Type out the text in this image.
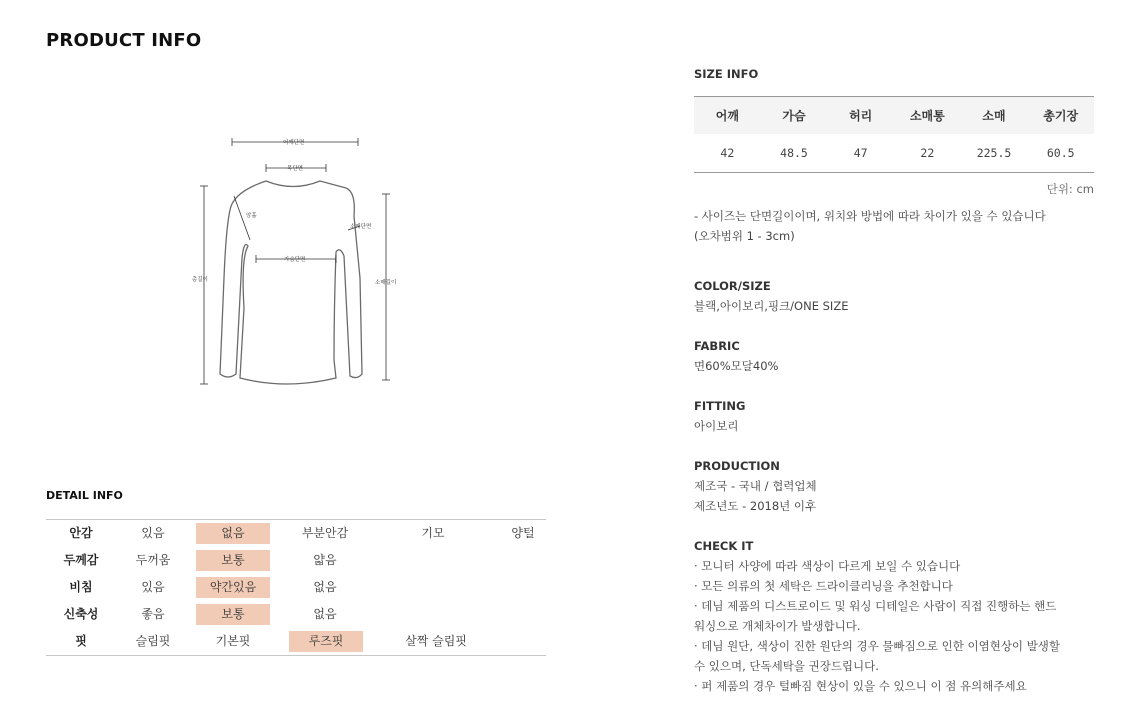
PRODUCT INFO
어깨단면
목단면
암홀
소매단면
가슴단면
총길이	소매길이
DETAIL INFO
안감	있음	없음	부분안감	기모	양털
두께감	두꺼움	보통	얇음
비침	있음	약간있음	없음
신축성	좋음	보통	없음
핏	슬림핏	기본핏	루즈핏	살짝 슬림핏
SIZE INFO
어깨	가슴	허리	소매통	소매	총기장
42	48.5	47	22	225.5	60.5
단위: cm
- 사이즈는 단면길이이며, 위치와 방법에 따라 차이가 있을 수 있습니다
(오차범위 1 - 3cm)
COLOR/SIZE
블랙,아이보리,핑크/ONE SIZE
FABRIC
면60%모달40%
FITTING
아이보리
PRODUCTION
제조국 - 국내 / 협력업체
제조년도 - 2018년 이후
CHECK IT
· 모니터 사양에 따라 색상이 다르게 보일 수 있습니다
· 모든 의류의 첫 세탁은 드라이클리닝을 추천합니다
· 데님 제품의 디스트로이드 및 워싱 디테일은 사람이 직접 진행하는 핸드
워싱으로 개체차이가 발생합니다.
· 데님 원단, 색상이 진한 원단의 경우 물빠짐으로 인한 이염현상이 발생할
수 있으며, 단독세탁을 권장드립니다.
· 퍼 제품의 경우 털빠짐 현상이 있을 수 있으니 이 점 유의해주세요
